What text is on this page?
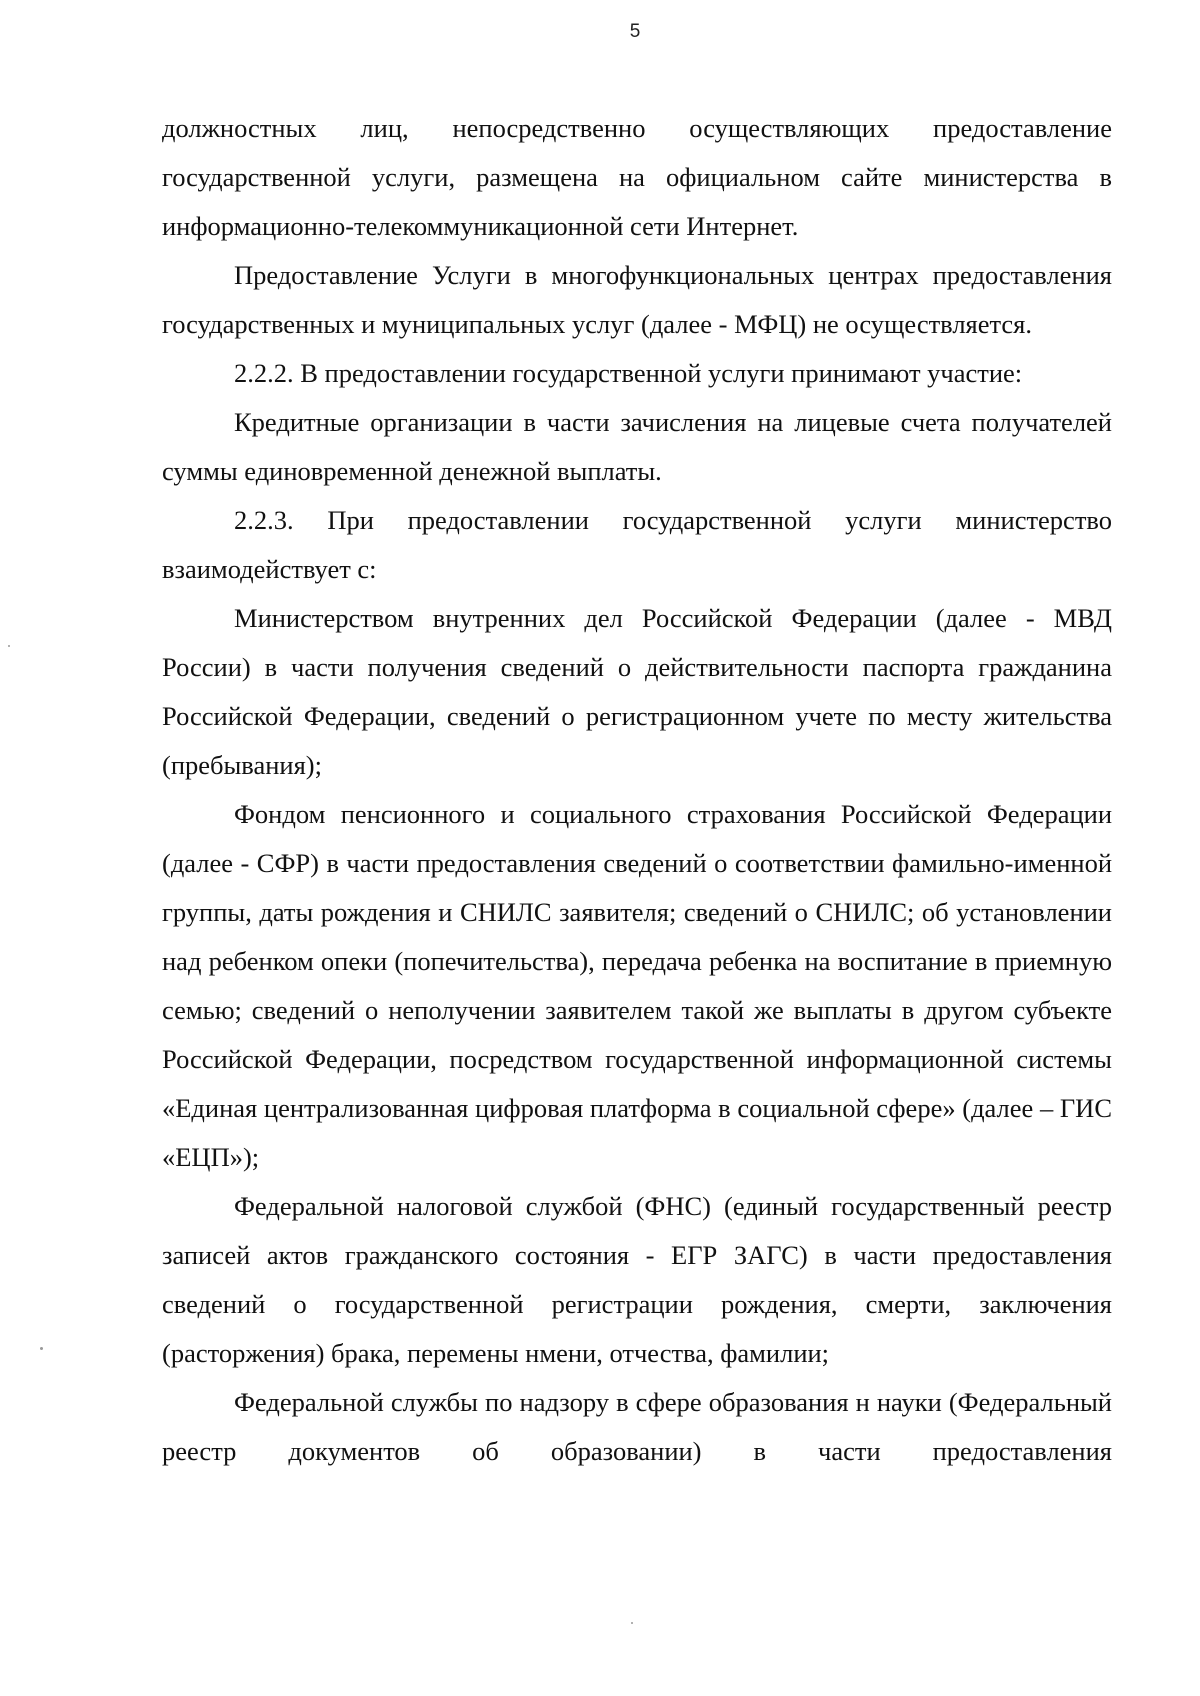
5

должностных лиц, непосредственно осуществляющих предоставление государственной услуги, размещена на официальном сайте министерства в информационно-телекоммуникационной сети Интернет.

Предоставление Услуги в многофункциональных центрах предоставления государственных и муниципальных услуг (далее - МФЦ) не осуществляется.

2.2.2. В предоставлении государственной услуги принимают участие:

Кредитные организации в части зачисления на лицевые счета получателей суммы единовременной денежной выплаты.

2.2.3. При предоставлении государственной услуги министерство взаимодействует с:

Министерством внутренних дел Российской Федерации (далее - МВД России) в части получения сведений о действительности паспорта гражданина Российской Федерации, сведений о регистрационном учете по месту жительства (пребывания);

Фондом пенсионного и социального страхования Российской Федерации (далее - СФР) в части предоставления сведений о соответствии фамильно-именной группы, даты рождения и СНИЛС заявителя; сведений о СНИЛС; об установлении над ребенком опеки (попечительства), передача ребенка на воспитание в приемную семью; сведений о неполучении заявителем такой же выплаты в другом субъекте Российской Федерации, посредством государственной информационной системы «Единая централизованная цифровая платформа в социальной сфере» (далее – ГИС «ЕЦП»);

Федеральной налоговой службой (ФНС) (единый государственный реестр записей актов гражданского состояния - ЕГР ЗАГС) в части предоставления сведений о государственной регистрации рождения, смерти, заключения (расторжения) брака, перемены нмени, отчества, фамилии;

Федеральной службы по надзору в сфере образования н науки (Федеральный реестр документов об образовании) в части предоставления
